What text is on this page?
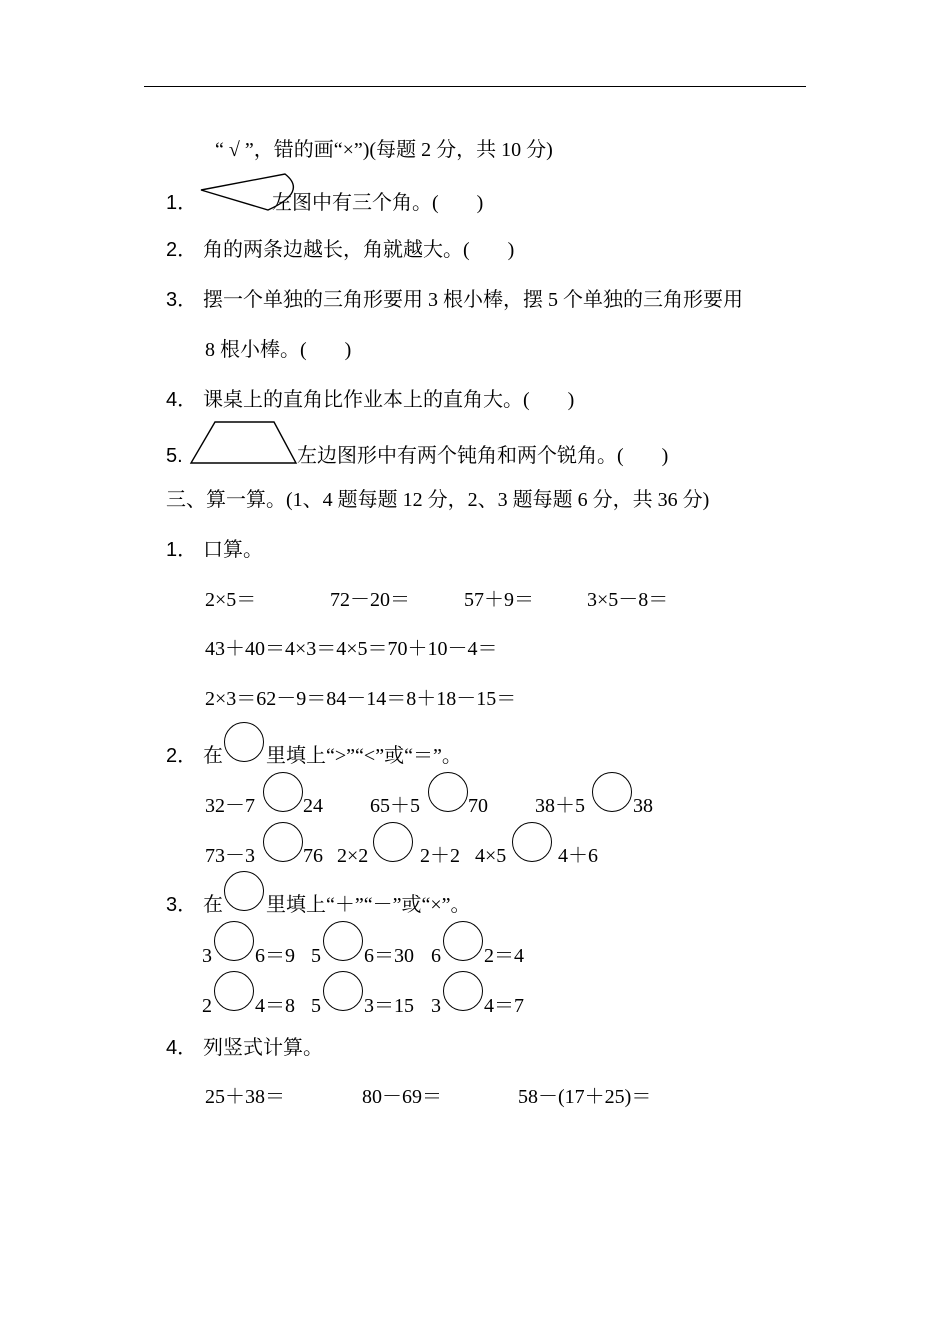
“ √ ”，错的画“×”)(每题 2 分，共 10 分)
1．	左图中有三个角。( )
2． 角的两条边越长，角就越大。( )
3． 摆一个单独的三角形要用 3 根小棒，摆 5 个单独的三角形要用
8 根小棒。( )
4． 课桌上的直角比作业本上的直角大。( )
5.	左边图形中有两个钝角和两个锐角。( )
三、算一算。(1、4 题每题 12 分，2、3 题每题 6 分，共 36 分)
1． 口算。
2×5＝	72－20＝	57＋9＝	3×5－8＝
43＋40＝4×3＝4×5＝70＋10－4＝
2×3＝62－9＝84－14＝8＋18－15＝
2． 在 里填上“>”“<”或“＝”。
32－7 24 65＋5 70 38＋5 38
73－3 76 2×2	2＋2 4×5	4＋6
3． 在 里填上“＋”“－”或“×”。
3 6＝9 5 6＝30 6 2＝4
2 4＝8 5 3＝15 3 4＝7
4． 列竖式计算。
25＋38＝	80－69＝	58－(17＋25)＝
